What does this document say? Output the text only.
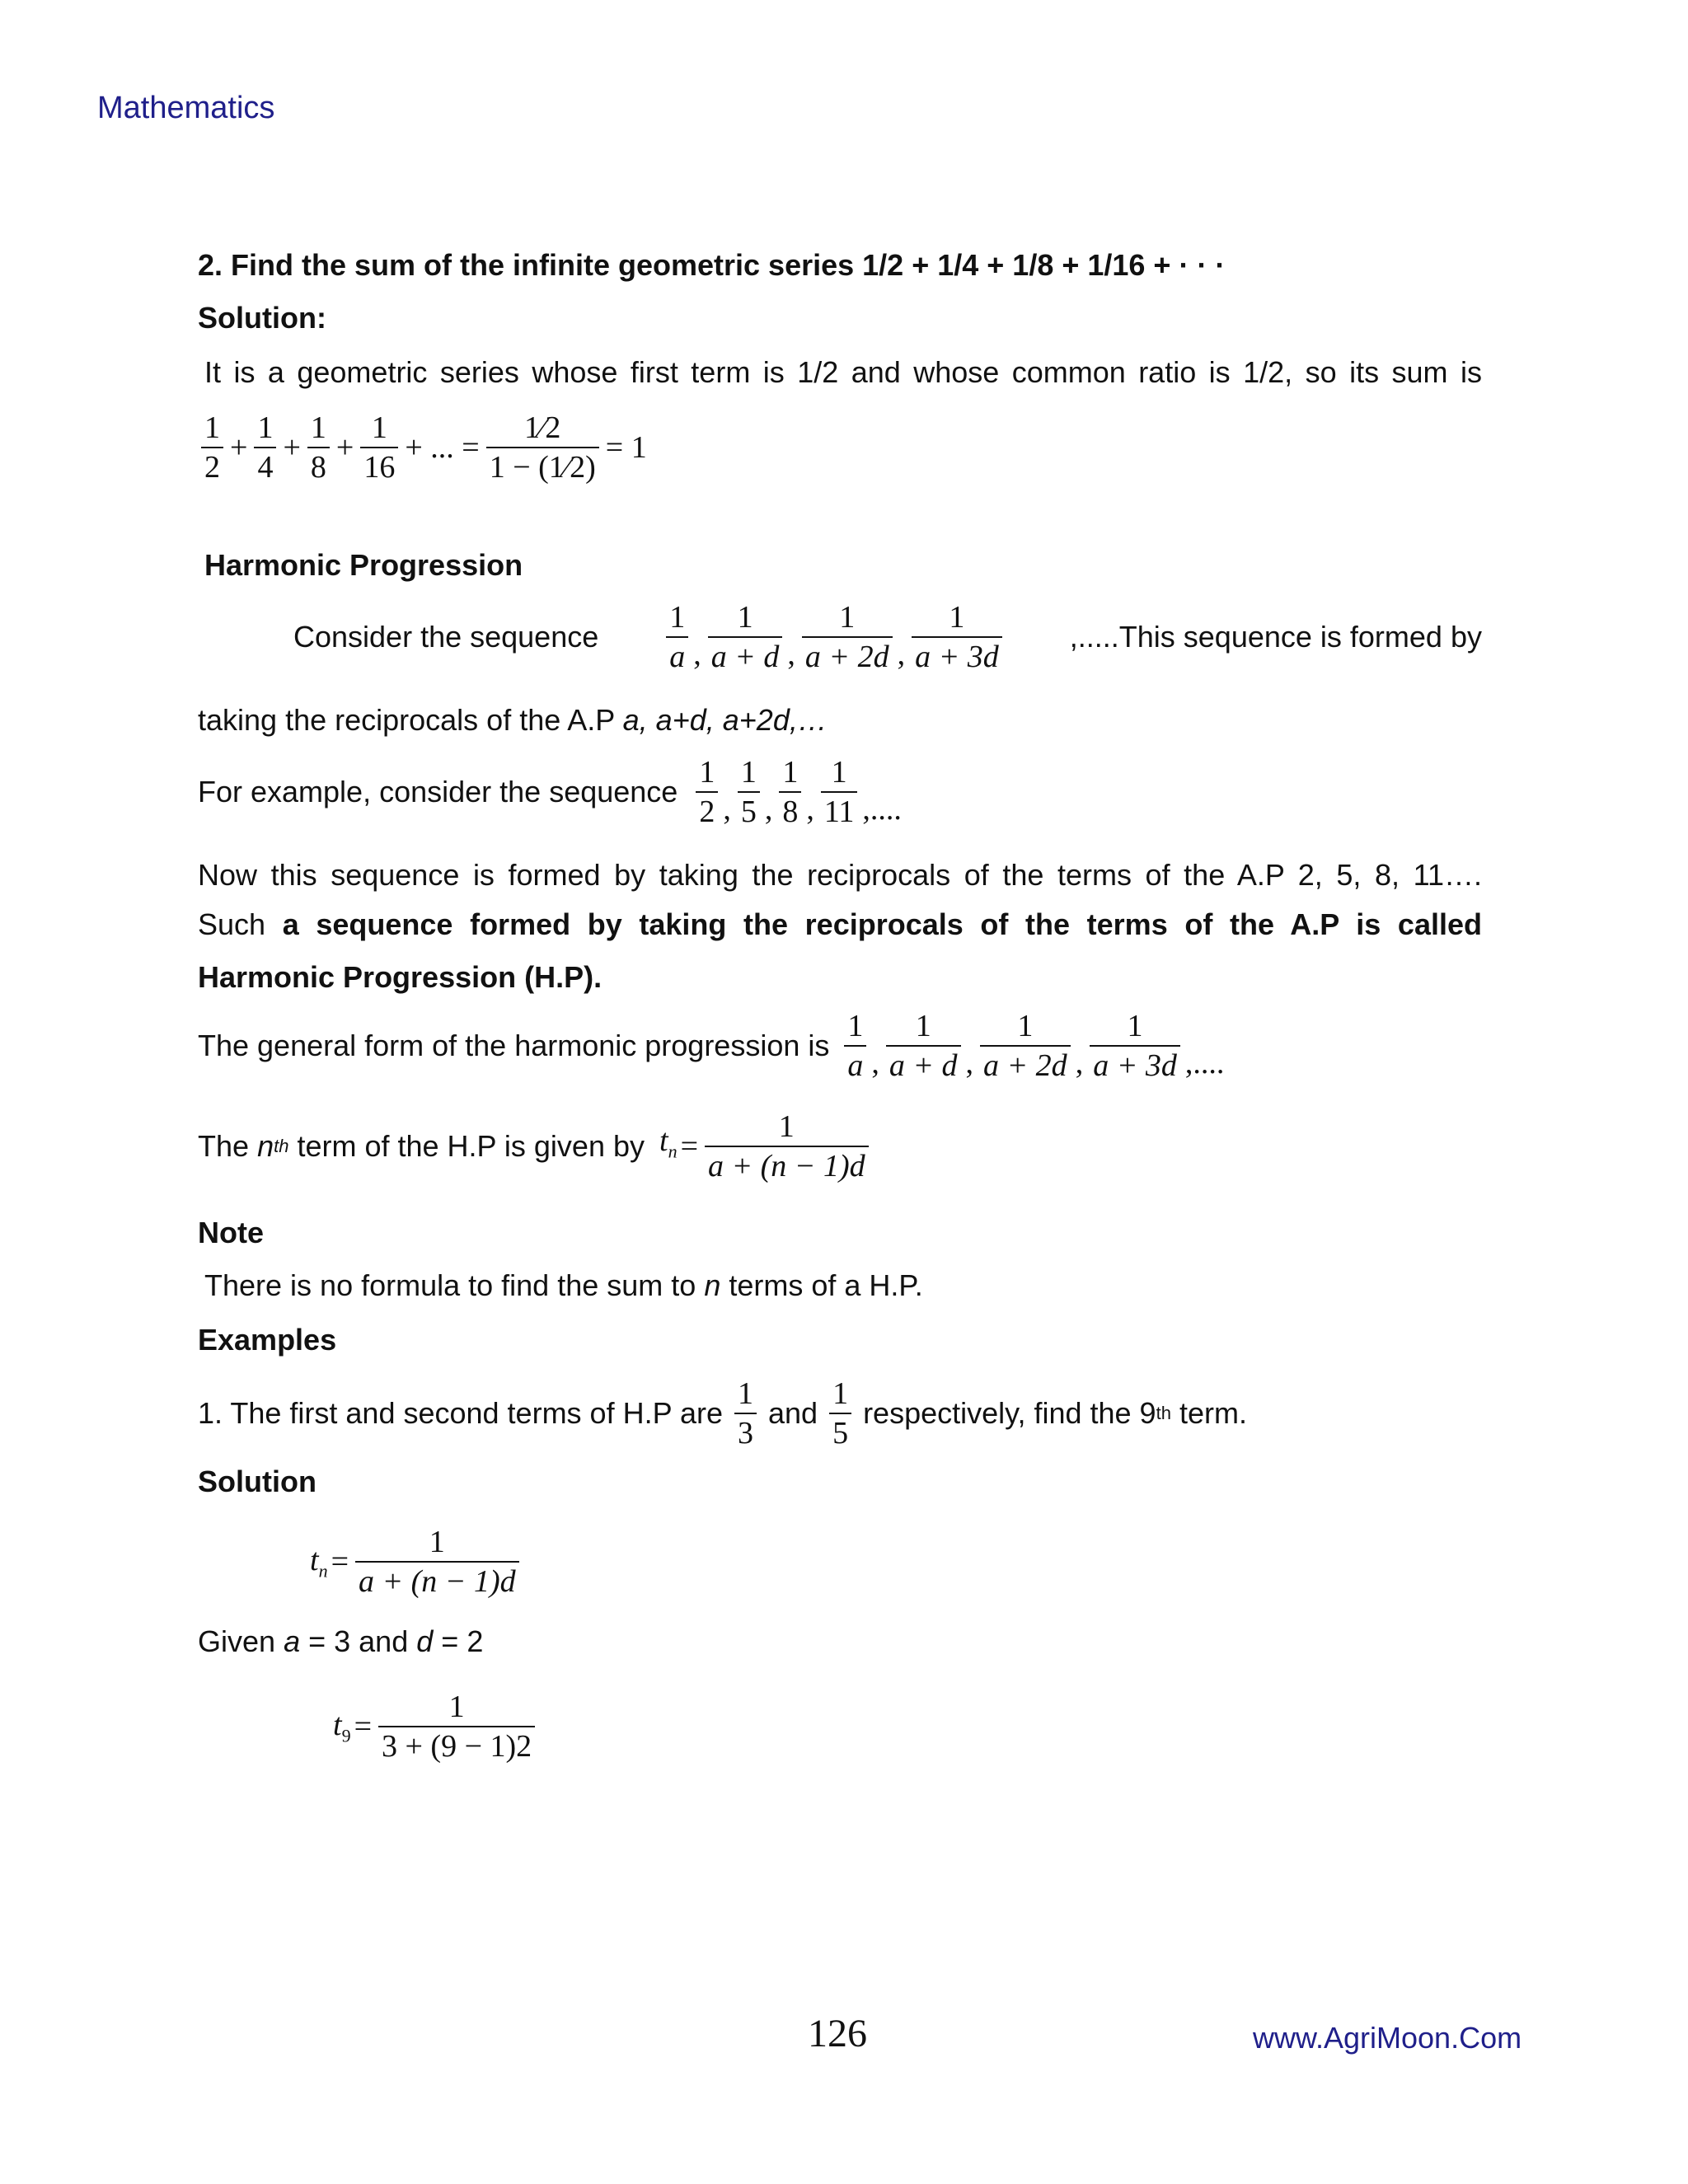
Mathematics
2. Find the sum of the infinite geometric series 1/2 + 1/4 + 1/8 + 1/16 + · · ·
Solution:
It is a geometric series whose first term is 1/2 and whose common ratio is 1/2, so its sum is
$\frac{1}{2} + \frac{1}{4} + \frac{1}{8} + \frac{1}{16}$ + ... = $\frac{1⁄2}{1 - (1⁄2)} = 1$
Harmonic Progression
Consider the sequence $\frac{1}{a}$ , $\frac{1}{a + d}$ , $\frac{1}{a + 2d}$ , $\frac{1}{a + 3d}$ ,.....This sequence is formed by
taking the reciprocals of the A.P a, a+d, a+2d,…
For example, consider the sequence $\frac{1}{2}$ , $\frac{1}{5}$ , $\frac{1}{8}$ , $\frac{1}{11}$ ,....
Now this sequence is formed by taking the reciprocals of the terms of the A.P 2, 5, 8, 11….
Such a sequence formed by taking the reciprocals of the terms of the A.P is called
Harmonic Progression (H.P).
The general form of the harmonic progression is $\frac{1}{a}$ , $\frac{1}{a + d}$ , $\frac{1}{a + 2d}$ , $\frac{1}{a + 3d}$ ,....
The
n th
term of the H.P is given by $t_n = \frac{1}{a + (n - 1)d}$
Note
There is no formula to find the sum to n terms of a H.P.
Examples
1. The first and second terms of H.P are $\frac{1}{3}$ and $\frac{1}{5}$ respectively, find the 9 th
term.
Solution
$t_n = \frac{1}{a + (n - 1)d}$
Given a = 3 and d = 2
$t_9 = \frac{1}{3 + (9 - 1)2}$
126	www.AgriMoon.Com
